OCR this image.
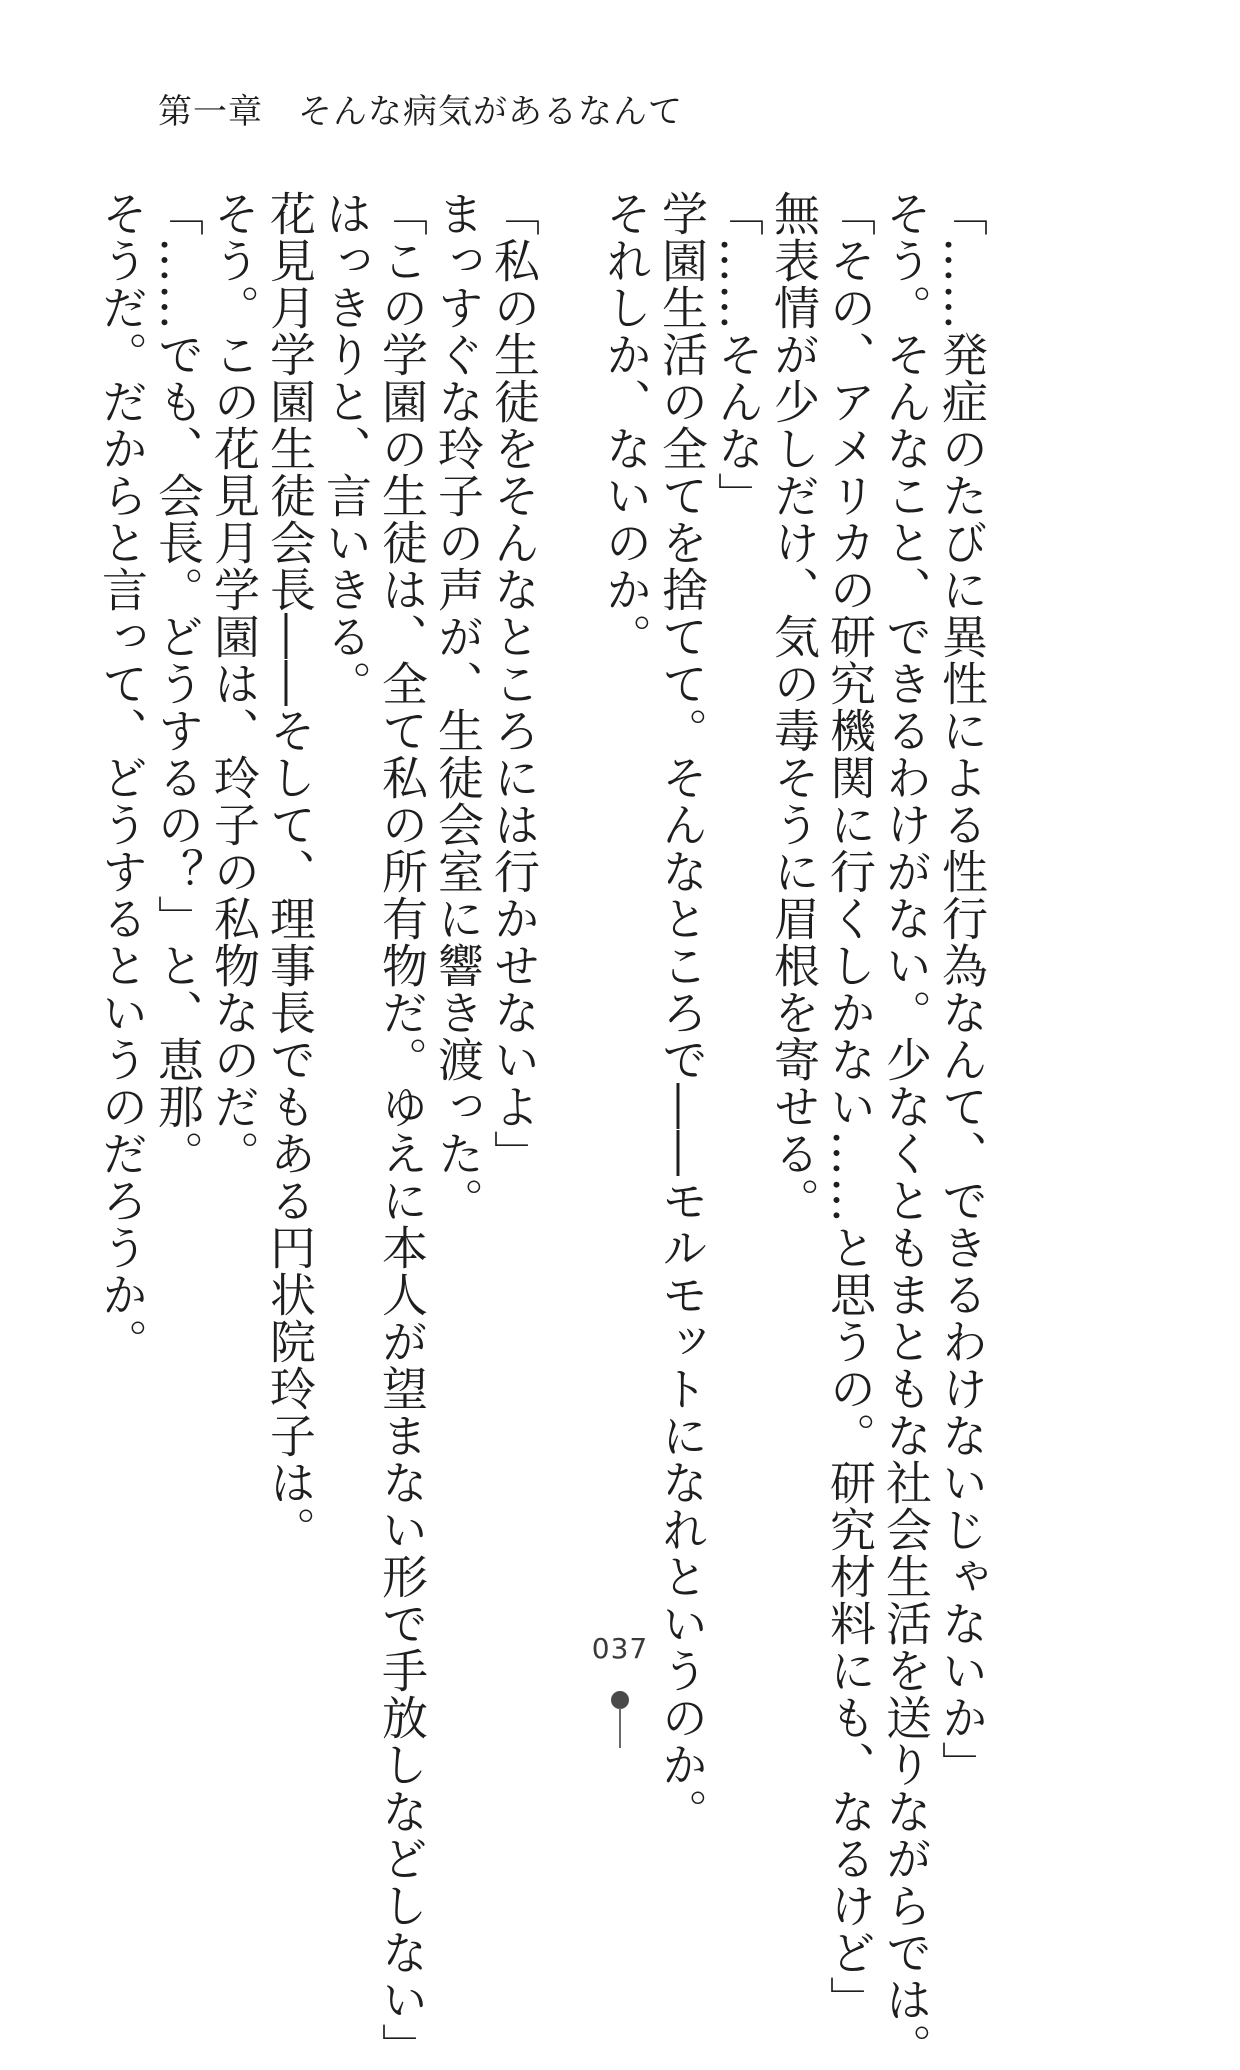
第一章　そんな病気があるなんて
「……発症のたびに異性による性行為なんて、できるわけないじゃないか」
そう。そんなこと、できるわけがない。少なくともまともな社会生活を送りながらでは。
「その、アメリカの研究機関に行くしかない……と思うの。研究材料にも、なるけど」
無表情が少しだけ、気の毒そうに眉根を寄せる。
「……そんな」
学園生活の全てを捨てて。そんなところで――モルモットになれというのか。
それしか、ないのか。
「私の生徒をそんなところには行かせないよ」
まっすぐな玲子の声が、生徒会室に響き渡った。
「この学園の生徒は、全て私の所有物だ。ゆえに本人が望まない形で手放しなどしない」
はっきりと、言いきる。
花見月学園生徒会長――そして、理事長でもある円状院玲子は。
そう。この花見月学園は、玲子の私物なのだ。
「……でも、会長。どうするの？」と、恵那。
そうだ。だからと言って、どうするというのだろうか。
037
